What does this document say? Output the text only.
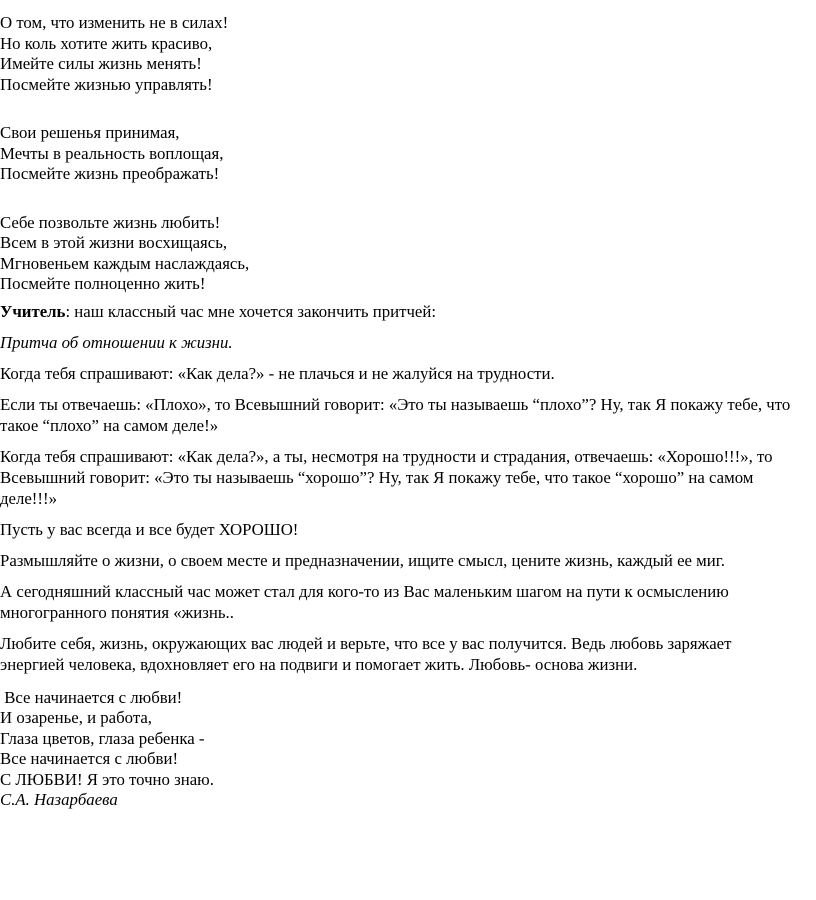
О том, что изменить не в силах!
Но коль хотите жить красиво,
Имейте силы жизнь менять!
Посмейте жизнью управлять!
Свои решенья принимая,
Мечты в реальность воплощая,
Посмейте жизнь преображать!
Себе позвольте жизнь любить!
Всем в этой жизни восхищаясь,
Мгновеньем каждым наслаждаясь,
Посмейте полноценно жить!

Учитель: наш классный час мне хочется закончить притчей:

Притча об отношении к жизни.

Когда тебя спрашивают: «Как дела?» - не плачься и не жалуйся на трудности.

Если ты отвечаешь: «Плохо», то Всевышний говорит: «Это ты называешь “плохо”? Ну, так Я покажу тебе, что такое “плохо” на самом деле!»

Когда тебя спрашивают: «Как дела?», а ты, несмотря на трудности и страдания, отвечаешь: «Хорошо!!!», то Всевышний говорит: «Это ты называешь “хорошо”? Ну, так Я покажу тебе, что такое “хорошо” на самом деле!!!»

Пусть у вас всегда и все будет ХОРОШО!

Размышляйте о жизни, о своем месте и предназначении, ищите смысл, цените жизнь, каждый ее миг.

А сегодняшний классный час может стал для кого-то из Вас маленьким шагом на пути к осмыслению многогранного понятия «жизнь..

Любите себя, жизнь, окружающих вас людей и верьте, что все у вас получится. Ведь любовь заряжает энергией человека, вдохновляет его на подвиги и помогает жить. Любовь- основа жизни.

Все начинается с любви!
И озаренье, и работа,
Глаза цветов, глаза ребенка -
Все начинается с любви!
С ЛЮБВИ! Я это точно знаю.
С.А. Назарбаева
